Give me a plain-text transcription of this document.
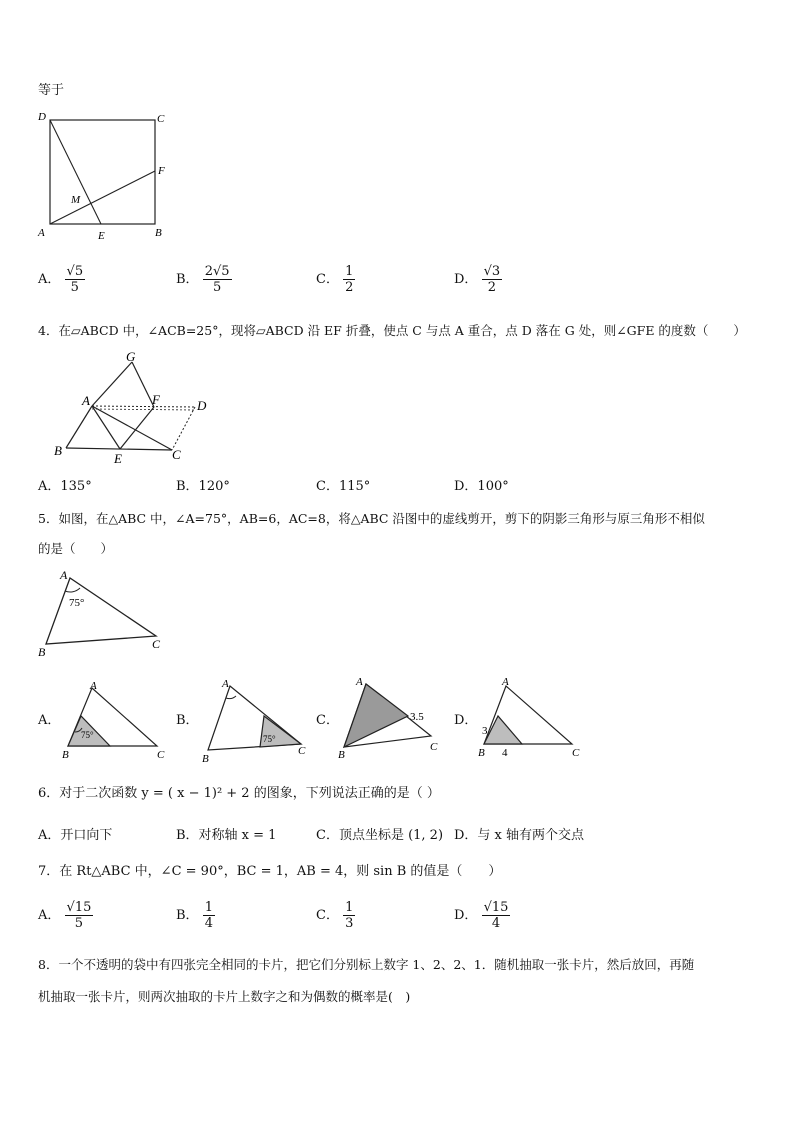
等于
D	C
F
M
A	E	B
A． $\frac{√5}{5}$	B． $\frac{2√5}{5}$	C． $\frac{1}{2}$	D． $\frac{√3}{2}$
4．在▱ABCD 中，∠ACB=25°，现将▱ABCD 沿 EF 折叠，使点 C 与点 A 重合，点 D 落在 G 处，则∠GFE 的度数（　　）
G
A	F	D
B
E	C
A．135°	B．120°	C．115°	D．100°
5．如图，在△ABC 中，∠A=75°，AB=6，AC=8，将△ABC 沿图中的虚线剪开，剪下的阴影三角形与原三角形不相似
的是（　　）
A
75°
B
C
A．
A
75°
B	C
B．
A
75°
B
C
C．
A
3.5
B
C
D．
A
3
4
B	C
6．对于二次函数 y = ( x − 1)² + 2 的图象，下列说法正确的是（ ）
A．开口向下	B．对称轴 x = 1	C．顶点坐标是 (1, 2) D．与 x 轴有两个交点
7．在 Rt△ABC 中，∠C = 90°，BC = 1，AB = 4，则 sin B 的值是（　　）
A． $\frac{√15}{5}$	B． $\frac{1}{4}$	C． $\frac{1}{3}$	D． $\frac{√15}{4}$
8．一个不透明的袋中有四张完全相同的卡片，把它们分别标上数字 1、2、2、1．随机抽取一张卡片，然后放回，再随
机抽取一张卡片，则两次抽取的卡片上数字之和为偶数的概率是(　)
